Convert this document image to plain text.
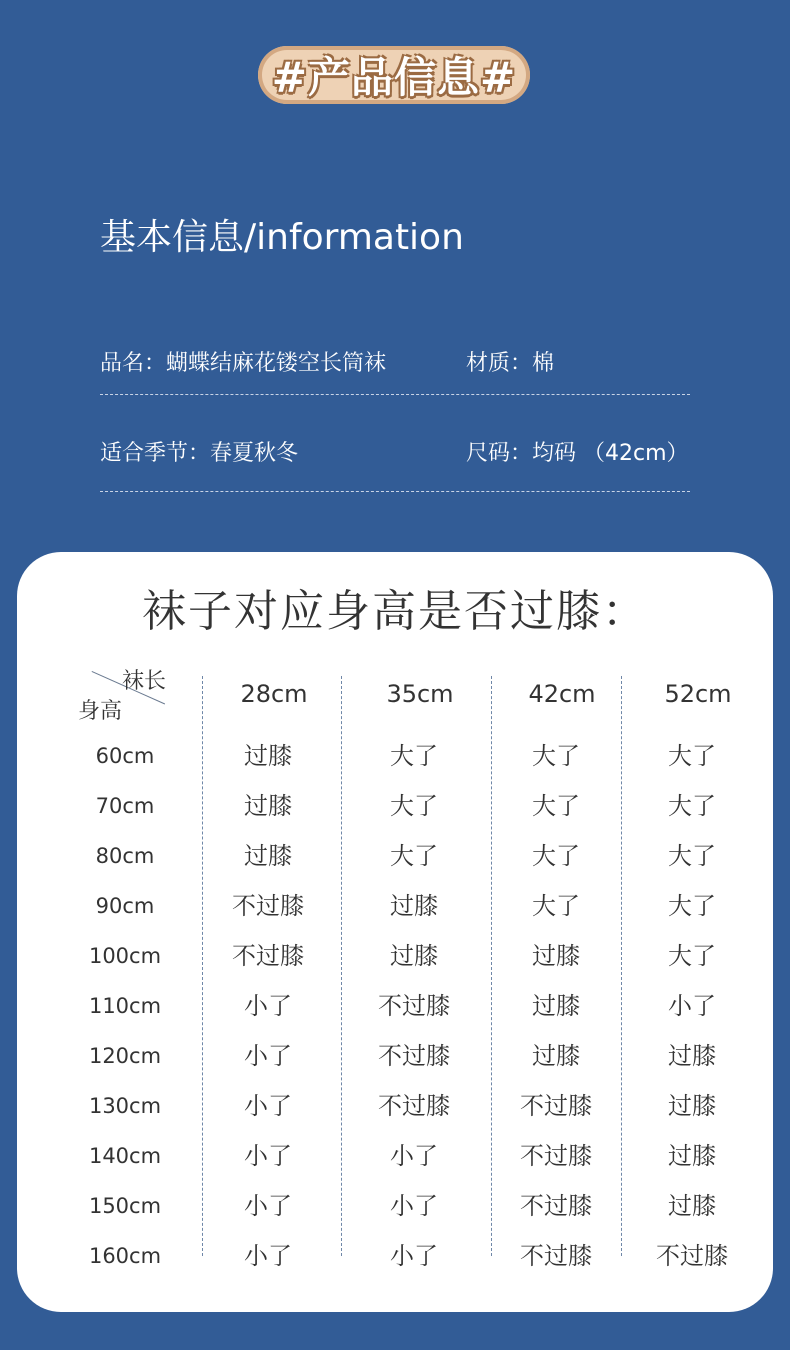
#产品信息#
基本信息/information
品名：蝴蝶结麻花镂空长筒袜	材质：棉
适合季节：春夏秋冬	尺码：均码 （42cm）
袜子对应身高是否过膝：
袜长
身高
28cm	35cm	42cm	52cm
60cm	过膝	大了	大了	大了
70cm	过膝	大了	大了	大了
80cm	过膝	大了	大了	大了
90cm	不过膝	过膝	大了	大了
100cm	不过膝	过膝	过膝	大了
110cm	小了	不过膝	过膝	小了
120cm	小了	不过膝	过膝	过膝
130cm	小了	不过膝	不过膝	过膝
140cm	小了	小了	不过膝	过膝
150cm	小了	小了	不过膝	过膝
160cm	小了	小了	不过膝	不过膝
